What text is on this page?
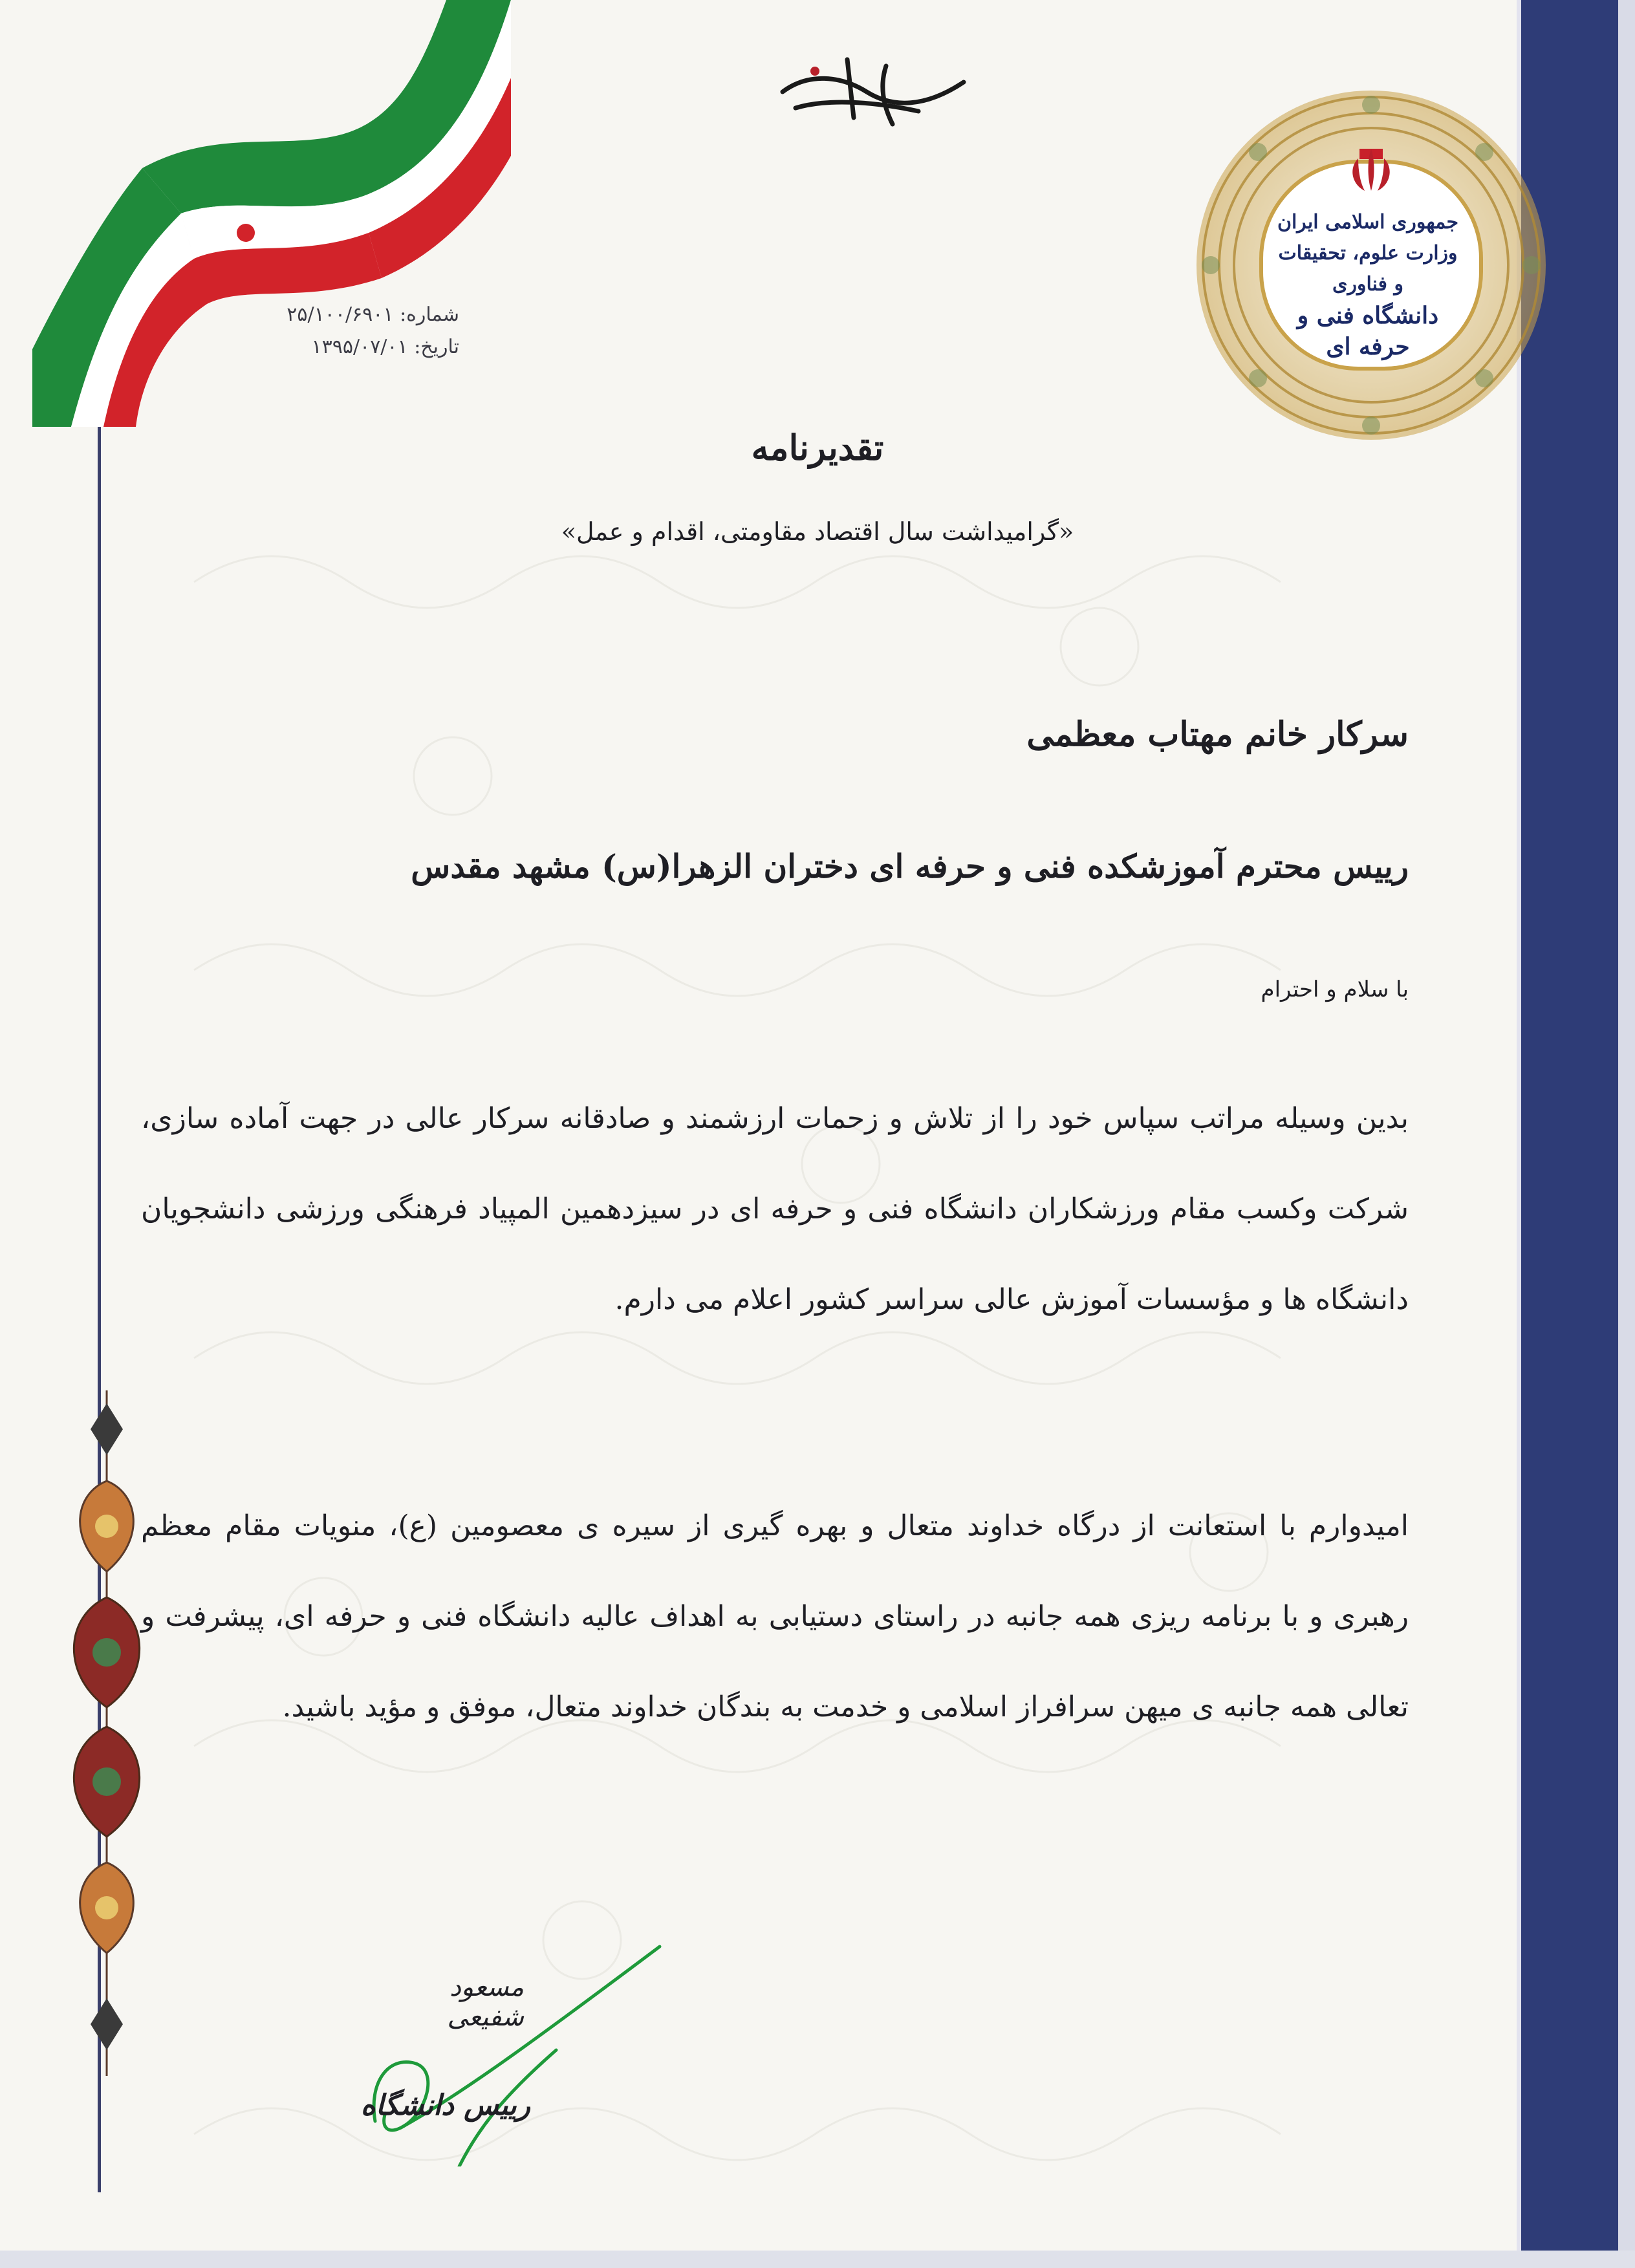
جمهوری اسلامی ایران
وزارت علوم، تحقیقات و فناوری
دانشگاه فنی و حرفه ای
شماره: ۲۵/۱۰۰/۶۹۰۱
تاریخ: ۱۳۹۵/۰۷/۰۱
تقدیرنامه
«گرامیداشت سال اقتصاد مقاومتی، اقدام و عمل»
سرکار خانم مهتاب معظمی
رییس محترم آموزشکده فنی و حرفه ای دختران الزهرا(س) مشهد مقدس
با سلام و احترام
بدین وسیله مراتب سپاس خود را از تلاش و زحمات ارزشمند و صادقانه سرکار عالی در جهت آماده سازی، شرکت وکسب مقام ورزشکاران دانشگاه فنی و حرفه ای در سیزدهمین المپیاد فرهنگی ورزشی دانشجویان دانشگاه ها و مؤسسات آموزش عالی سراسر کشور اعلام می دارم.
امیدوارم با استعانت از درگاه خداوند متعال و بهره گیری از سیره ی معصومین (ع)، منویات مقام معظم رهبری و با برنامه ریزی همه جانبه در راستای دستیابی به اهداف عالیه دانشگاه فنی و حرفه ای، پیشرفت و تعالی همه جانبه ی میهن سرافراز اسلامی و خدمت به بندگان خداوند متعال، موفق و مؤید باشید.
مسعود شفیعی
رییس دانشگاه
